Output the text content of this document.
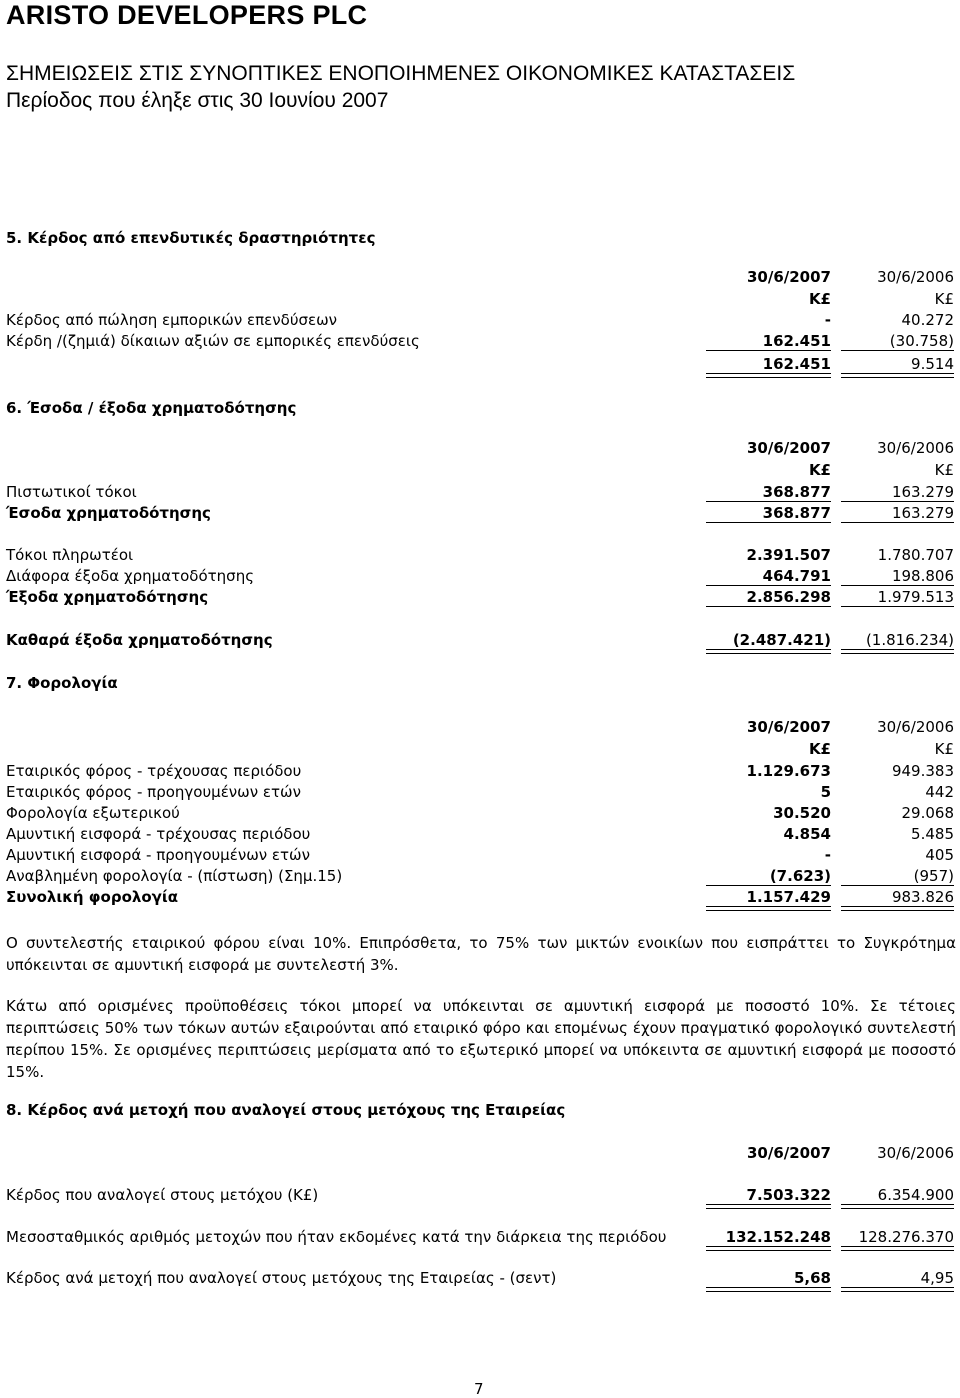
ARISTO DEVELOPERS PLC
ΣΗΜΕΙΩΣΕΙΣ ΣΤΙΣ ΣΥΝΟΠΤΙΚΕΣ ΕΝΟΠΟΙΗΜΕΝΕΣ ΟΙΚΟΝΟΜΙΚΕΣ ΚΑΤΑΣΤΑΣΕΙΣ
Περίοδος που έληξε στις 30 Ιουνίου 2007
5. Κέρδος από επενδυτικές δραστηριότητες
30/6/2007	30/6/2006
Κ£	Κ£
Κέρδος από πώληση εμπορικών επενδύσεων	-	40.272
Κέρδη /(ζημιά) δίκαιων αξιών σε εμπορικές επενδύσεις	162.451	(30.758)
162.451	9.514
6. Έσοδα / έξοδα χρηματοδότησης
30/6/2007	30/6/2006
Κ£	Κ£
Πιστωτικοί τόκοι	368.877	163.279
Έσοδα χρηματοδότησης	368.877	163.279
Τόκοι πληρωτέοι	2.391.507	1.780.707
Διάφορα έξοδα χρηματοδότησης	464.791	198.806
Έξοδα χρηματοδότησης	2.856.298	1.979.513
Καθαρά έξοδα χρηματοδότησης	(2.487.421)	(1.816.234)
7. Φορολογία
30/6/2007	30/6/2006
Κ£	Κ£
Εταιρικός φόρος - τρέχουσας περιόδου	1.129.673	949.383
Εταιρικός φόρος - προηγουμένων ετών	5	442
Φορολογία εξωτερικού	30.520	29.068
Αμυντική εισφορά - τρέχουσας περιόδου	4.854	5.485
Αμυντική εισφορά - προηγουμένων ετών	-	405
Αναβλημένη φορολογία - (πίστωση) (Σημ.15)	(7.623)	(957)
Συνολική φορολογία	1.157.429	983.826
Ο συντελεστής εταιρικού φόρου είναι 10%. Επιπρόσθετα, το 75% των μικτών ενοικίων που εισπράττει το Συγκρότημα υπόκεινται σε αμυντική εισφορά με συντελεστή 3%.
Κάτω από ορισμένες προϋποθέσεις τόκοι μπορεί να υπόκεινται σε αμυντική εισφορά με ποσοστό 10%. Σε τέτοιες περιπτώσεις 50% των τόκων αυτών εξαιρούνται από εταιρικό φόρο και επομένως έχουν πραγματικό φορολογικό συντελεστή περίπου 15%. Σε ορισμένες περιπτώσεις μερίσματα από το εξωτερικό μπορεί να υπόκειντα σε αμυντική εισφορά με ποσοστό 15%.
8. Κέρδος ανά μετοχή που αναλογεί στους μετόχους της Εταιρείας
30/6/2007	30/6/2006
Κέρδος που αναλογεί στους μετόχου (Κ£)	7.503.322	6.354.900
Μεσοσταθμικός αριθμός μετοχών που ήταν εκδομένες κατά την διάρκεια της περιόδου	132.152.248	128.276.370
Κέρδος ανά μετοχή που αναλογεί στους μετόχους της Εταιρείας - (σεντ)	5,68	4,95
7
